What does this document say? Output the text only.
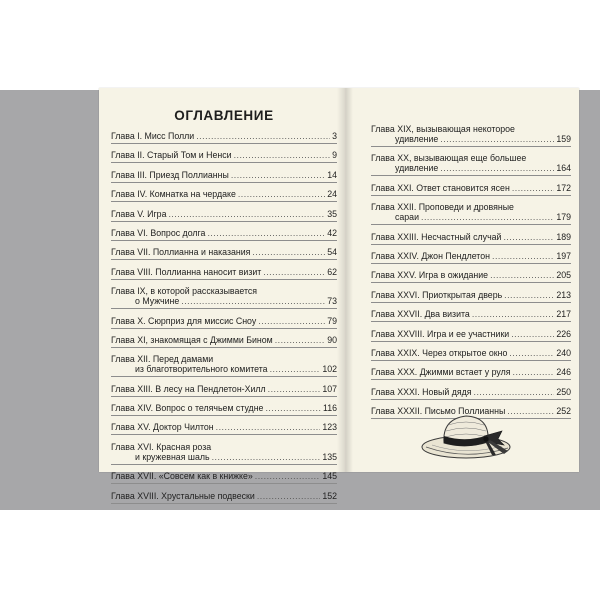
ОГЛАВЛЕНИЕ
Глава I. Мисс Полли .....	3
Глава II. Старый Том и Ненси .....	9
Глава III. Приезд Поллианны .....	14
Глава IV. Комнатка на чердаке .....	24
Глава V. Игра .....	35
Глава VI. Вопрос долга .....	42
Глава VII. Поллианна и наказания .....	54
Глава VIII. Поллианна наносит визит .....	62
Глава IX, в которой рассказывается
о Мужчине .....	73
Глава X. Сюрприз для миссис Сноу .....	79
Глава XI, знакомящая с Джимми Бином .....	90
Глава XII. Перед дамами
из благотворительного комитета .....	102
Глава XIII. В лесу на Пендлетон-Хилл .....	107
Глава XIV. Вопрос о телячьем студне .....	116
Глава XV. Доктор Чилтон .....	123
Глава XVI. Красная роза
и кружевная шаль .....	135
Глава XVII. «Совсем как в книжке» .....	145
Глава XVIII. Хрустальные подвески .....	152
Глава XIX, вызывающая некоторое
удивление .....	159
Глава XX, вызывающая еще большее
удивление .....	164
Глава XXI. Ответ становится ясен .....	172
Глава XXII. Проповеди и дровяные
сараи .....	179
Глава XXIII. Несчастный случай .....	189
Глава XXIV. Джон Пендлетон .....	197
Глава XXV. Игра в ожидание .....	205
Глава XXVI. Приоткрытая дверь .....	213
Глава XXVII. Два визита .....	217
Глава XXVIII. Игра и ее участники .....	226
Глава XXIX. Через открытое окно .....	240
Глава XXX. Джимми встает у руля .....	246
Глава XXXI. Новый дядя .....	250
Глава XXXII. Письмо Поллианны .....	252
